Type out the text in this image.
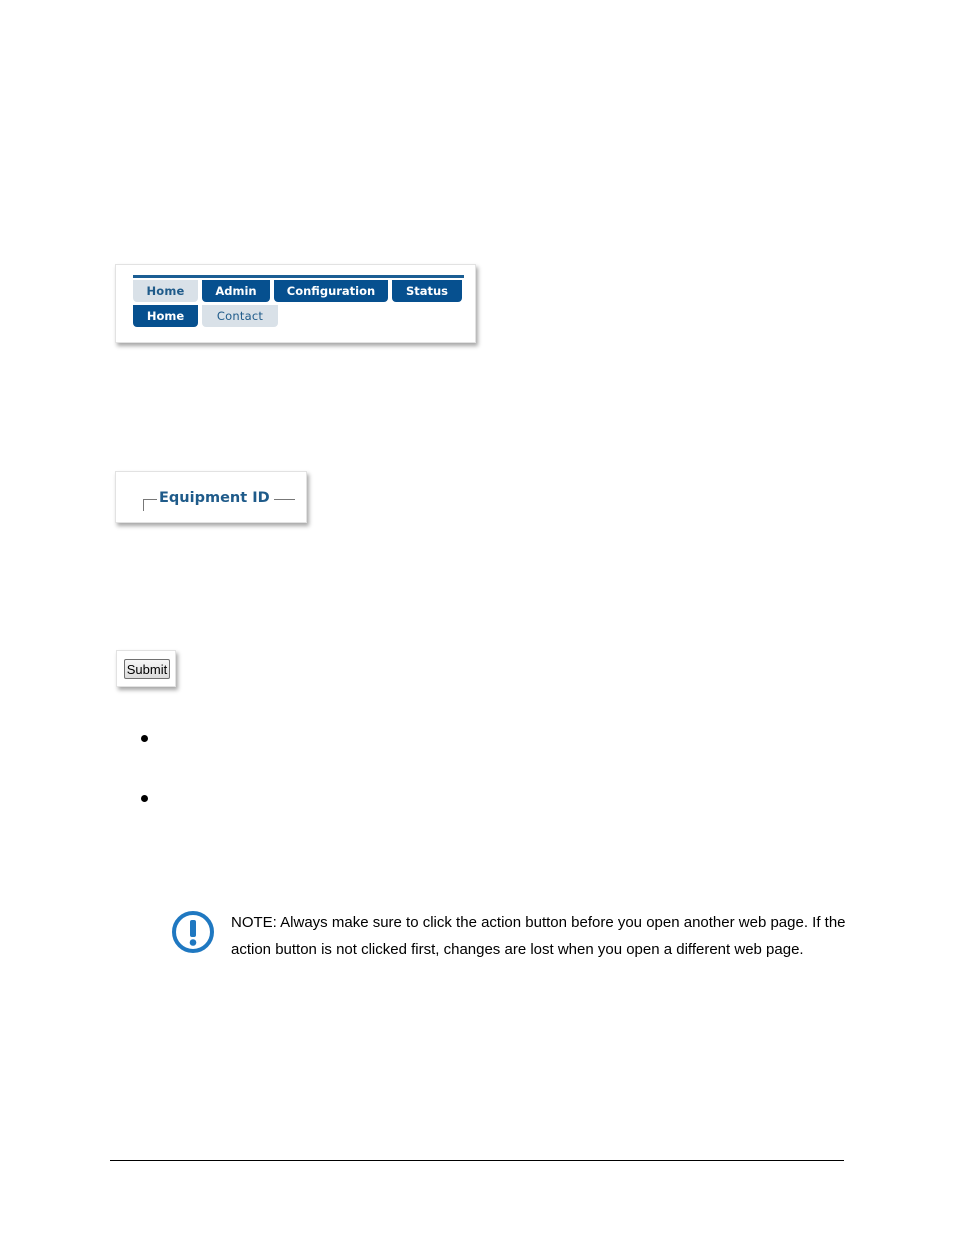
Home	Admin	Configuration	Status
Home	Contact
Equipment ID
Submit
NOTE: Always make sure to click the action button before you open another web page. If the action button is not clicked first, changes are lost when you open a different web page.
